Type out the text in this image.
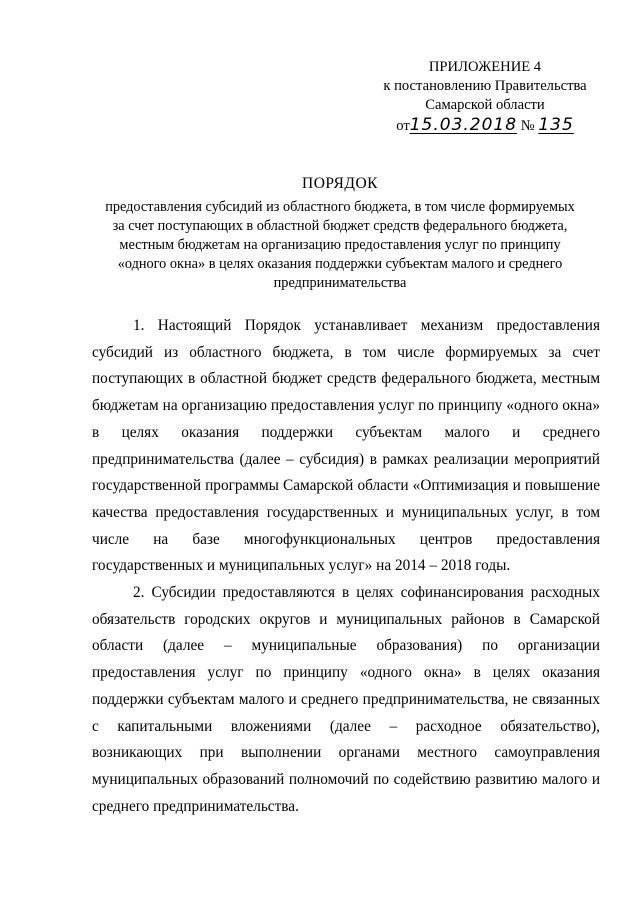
ПРИЛОЖЕНИЕ 4
к постановлению Правительства
Самарской области
от15.03.2018 № 135
ПОРЯДОК
предоставления субсидий из областного бюджета, в том числе формируемых
за счет поступающих в областной бюджет средств федерального бюджета,
местным бюджетам на организацию предоставления услуг по принципу
«одного окна» в целях оказания поддержки субъектам малого и среднего
предпринимательства

1. Настоящий Порядок устанавливает механизм предоставления субсидий из областного бюджета, в том числе формируемых за счет поступающих в областной бюджет средств федерального бюджета, местным бюджетам на организацию предоставления услуг по принципу «одного окна» в целях оказания поддержки субъектам малого и среднего предпринимательства (далее – субсидия) в рамках реализации мероприятий государственной программы Самарской области «Оптимизация и повышение качества предоставления государственных и муниципальных услуг, в том числе на базе многофункциональных центров предоставления государственных и муниципальных услуг» на 2014 – 2018 годы.

2. Субсидии предоставляются в целях софинансирования расходных обязательств городских округов и муниципальных районов в Самарской области (далее – муниципальные образования) по организации предоставления услуг по принципу «одного окна» в целях оказания поддержки субъектам малого и среднего предпринимательства, не связанных с капитальными вложениями (далее – расходное обязательство), возникающих при выполнении органами местного самоуправления муниципальных образований полномочий по содействию развитию малого и среднего предпринимательства.
